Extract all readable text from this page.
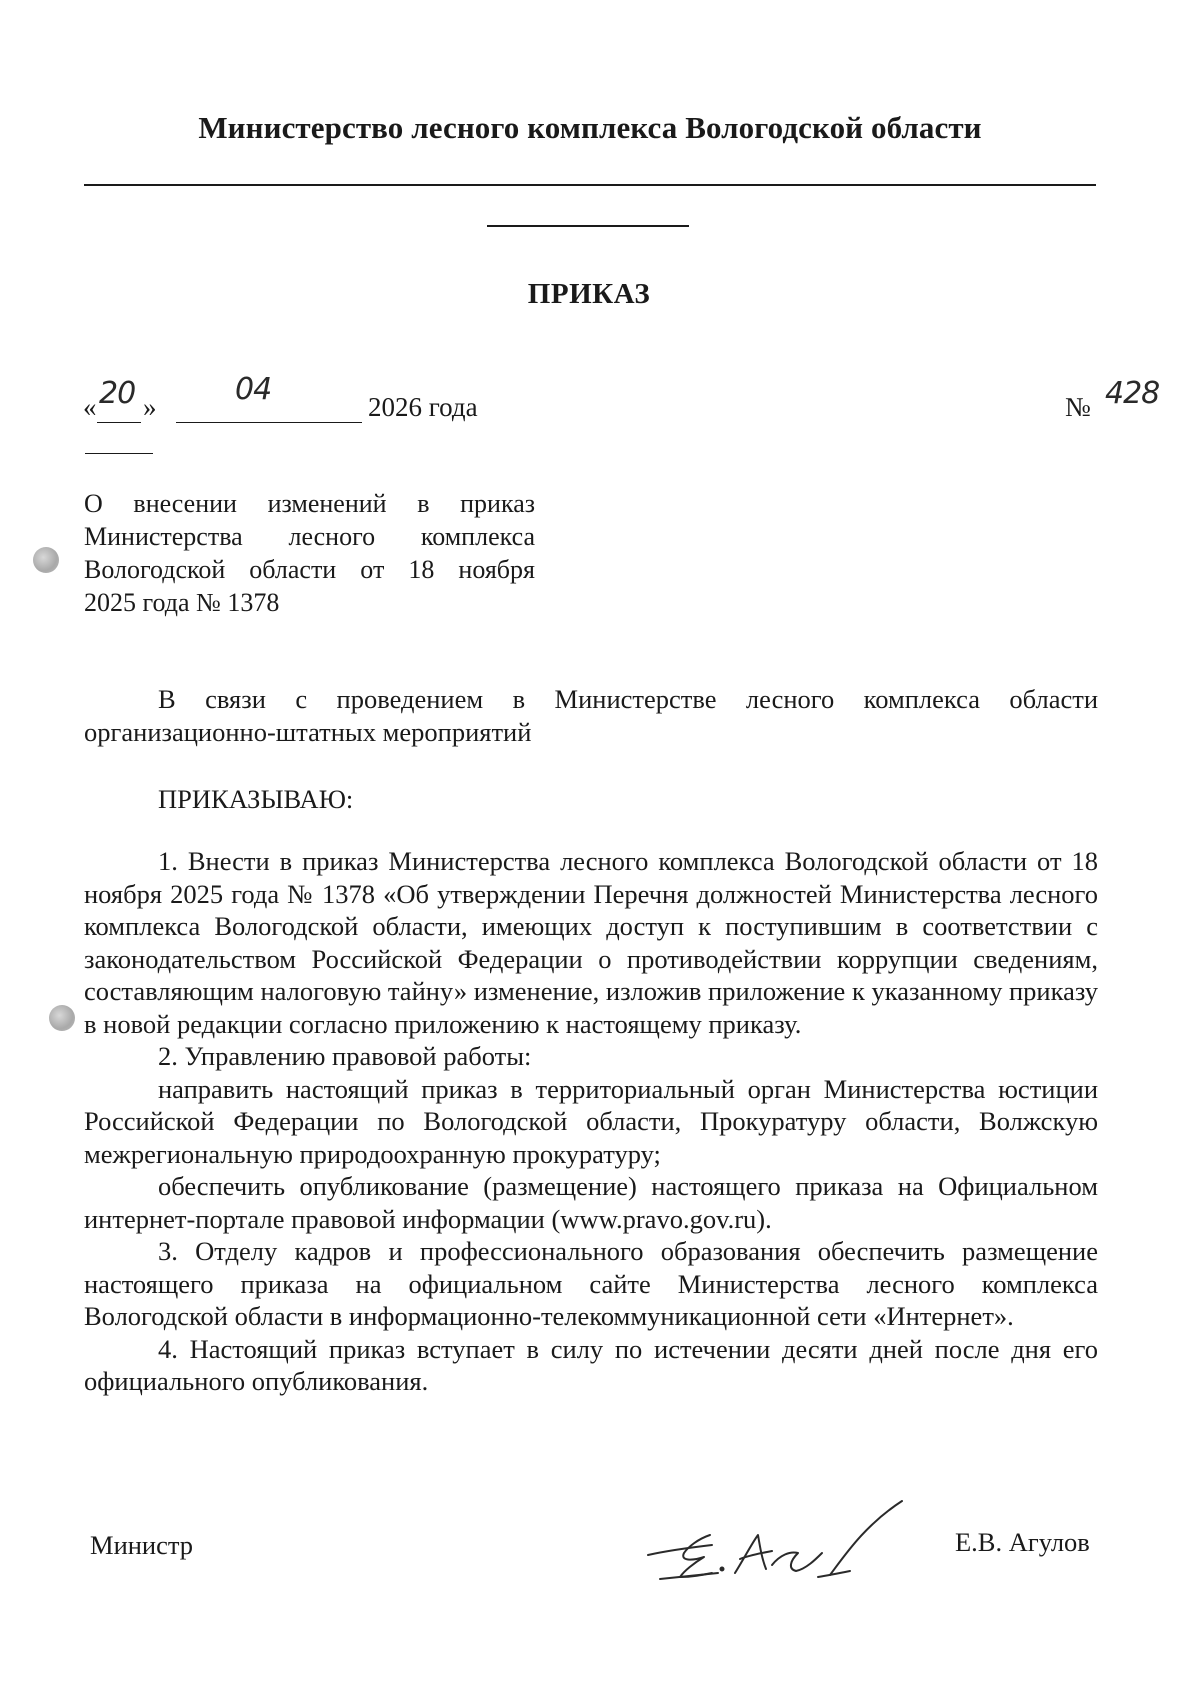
Министерство лесного комплекса Вологодской области
ПРИКАЗ
« 20 »	04	2026 года	№ 428
О внесении изменений в приказ
Министерства лесного комплекса
Вологодской области от 18 ноября
2025 года № 1378

В связи с проведением в Министерстве лесного комплекса области организационно-штатных мероприятий

ПРИКАЗЫВАЮ:

1. Внести в приказ Министерства лесного комплекса Вологодской области от 18 ноября 2025 года № 1378 «Об утверждении Перечня должностей Министерства лесного комплекса Вологодской области, имеющих доступ к поступившим в соответствии с законодательством Российской Федерации о противодействии коррупции сведениям, составляющим налоговую тайну» изменение, изложив приложение к указанному приказу в новой редакции согласно приложению к настоящему приказу.

2. Управлению правовой работы:

направить настоящий приказ в территориальный орган Министерства юстиции Российской Федерации по Вологодской области, Прокуратуру области, Волжскую межрегиональную природоохранную прокуратуру;

обеспечить опубликование (размещение) настоящего приказа на Официальном интернет-портале правовой информации (www.pravo.gov.ru).

3. Отделу кадров и профессионального образования обеспечить размещение настоящего приказа на официальном сайте Министерства лесного комплекса Вологодской области в информационно-телекоммуникационной сети «Интернет».

4. Настоящий приказ вступает в силу по истечении десяти дней после дня его официального опубликования.

Министр	Е.В. Агулов
